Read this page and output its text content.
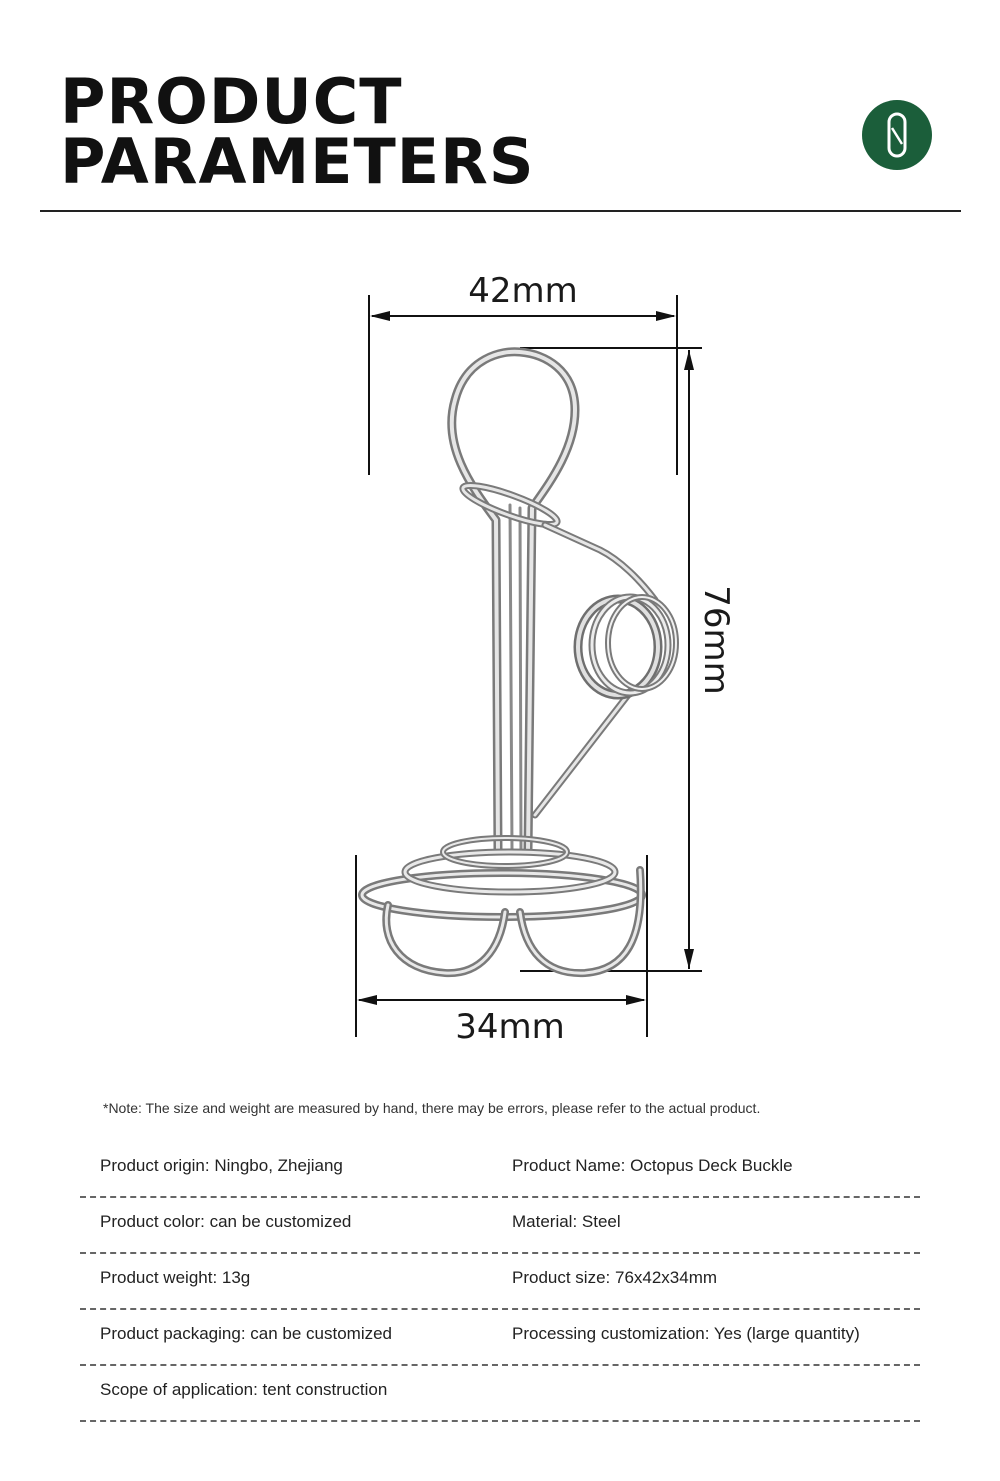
PRODUCT
PARAMETERS
42mm
76mm
34mm
*Note: The size and weight are measured by hand, there may be errors, please refer to the actual product.
Product origin: Ningbo, Zhejiang	Product Name: Octopus Deck Buckle
Product color: can be customized	Material: Steel
Product weight: 13g	Product size: 76x42x34mm
Product packaging: can be customized	Processing customization: Yes (large quantity)
Scope of application: tent construction
